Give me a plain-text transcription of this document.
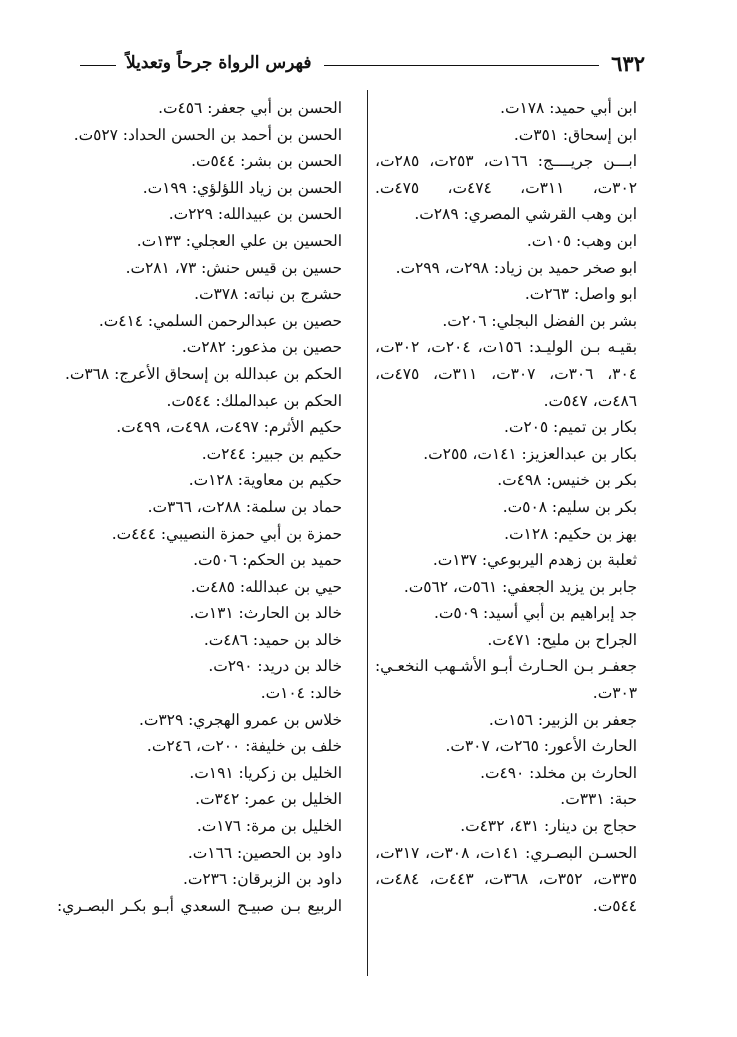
٦٣٢
فهرس الرواة جرحاً وتعديلاً
ابن أبي حميد: ١٧٨ت.
ابن إسحاق: ٣٥١ت.
ابـــن جريــــج: ١٦٦ت، ٢٥٣ت، ٢٨٥ت،
٣٠٢ت، ٣١١ت، ٤٧٤ت، ٤٧٥ت.
ابن وهب القرشي المصري: ٢٨٩ت.
ابن وهب: ١٠٥ت.
ابو صخر حميد بن زياد: ٢٩٨ت، ٢٩٩ت.
ابو واصل: ٢٦٣ت.
بشر بن الفضل البجلي: ٢٠٦ت.
بقيـه بـن الوليـد: ١٥٦ت، ٢٠٤ت، ٣٠٢ت،
٣٠٤، ٣٠٦ت، ٣٠٧ت، ٣١١ت، ٤٧٥ت،
٤٨٦ت، ٥٤٧ت.
بكار بن تميم: ٢٠٥ت.
بكار بن عبدالعزيز: ١٤١ت، ٢٥٥ت.
بكر بن خنيس: ٤٩٨ت.
بكر بن سليم: ٥٠٨ت.
بهز بن حكيم: ١٢٨ت.
ثعلبة بن زهدم اليربوعي: ١٣٧ت.
جابر بن يزيد الجعفي: ٥٦١ت، ٥٦٢ت.
جد إبراهيم بن أبي أسيد: ٥٠٩ت.
الجراح بن مليح: ٤٧١ت.
جعفـر بـن الحـارث أبـو الأشـهب النخعـي:
٣٠٣ت.
جعفر بن الزبير: ١٥٦ت.
الحارث الأعور: ٢٦٥ت، ٣٠٧ت.
الحارث بن مخلد: ٤٩٠ت.
حبة: ٣٣١ت.
حجاج بن دينار: ٤٣١، ٤٣٢ت.
الحسـن البصـري: ١٤١ت، ٣٠٨ت، ٣١٧ت،
٣٣٥ت، ٣٥٢ت، ٣٦٨ت، ٤٤٣ت، ٤٨٤ت،
٥٤٤ت.
الحسن بن أبي جعفر: ٤٥٦ت.
الحسن بن أحمد بن الحسن الحداد: ٥٢٧ت.
الحسن بن بشر: ٥٤٤ت.
الحسن بن زياد اللؤلؤي: ١٩٩ت.
الحسن بن عبيدالله: ٢٢٩ت.
الحسين بن علي العجلي: ١٣٣ت.
حسين بن قيس حنش: ٧٣، ٢٨١ت.
حشرج بن نباته: ٣٧٨ت.
حصين بن عبدالرحمن السلمي: ٤١٤ت.
حصين بن مذعور: ٢٨٢ت.
الحكم بن عبدالله بن إسحاق الأعرج: ٣٦٨ت.
الحكم بن عبدالملك: ٥٤٤ت.
حكيم الأثرم: ٤٩٧ت، ٤٩٨ت، ٤٩٩ت.
حكيم بن جبير: ٢٤٤ت.
حكيم بن معاوية: ١٢٨ت.
حماد بن سلمة: ٢٨٨ت، ٣٦٦ت.
حمزة بن أبي حمزة النصيبي: ٤٤٤ت.
حميد بن الحكم: ٥٠٦ت.
حيي بن عبدالله: ٤٨٥ت.
خالد بن الحارث: ١٣١ت.
خالد بن حميد: ٤٨٦ت.
خالد بن دريد: ٢٩٠ت.
خالد: ١٠٤ت.
خلاس بن عمرو الهجري: ٣٢٩ت.
خلف بن خليفة: ٢٠٠ت، ٢٤٦ت.
الخليل بن زكريا: ١٩١ت.
الخليل بن عمر: ٣٤٢ت.
الخليل بن مرة: ١٧٦ت.
داود بن الحصين: ١٦٦ت.
داود بن الزبرقان: ٢٣٦ت.
الربيع بـن صبيـح السعدي أبـو بكـر البصـري:
